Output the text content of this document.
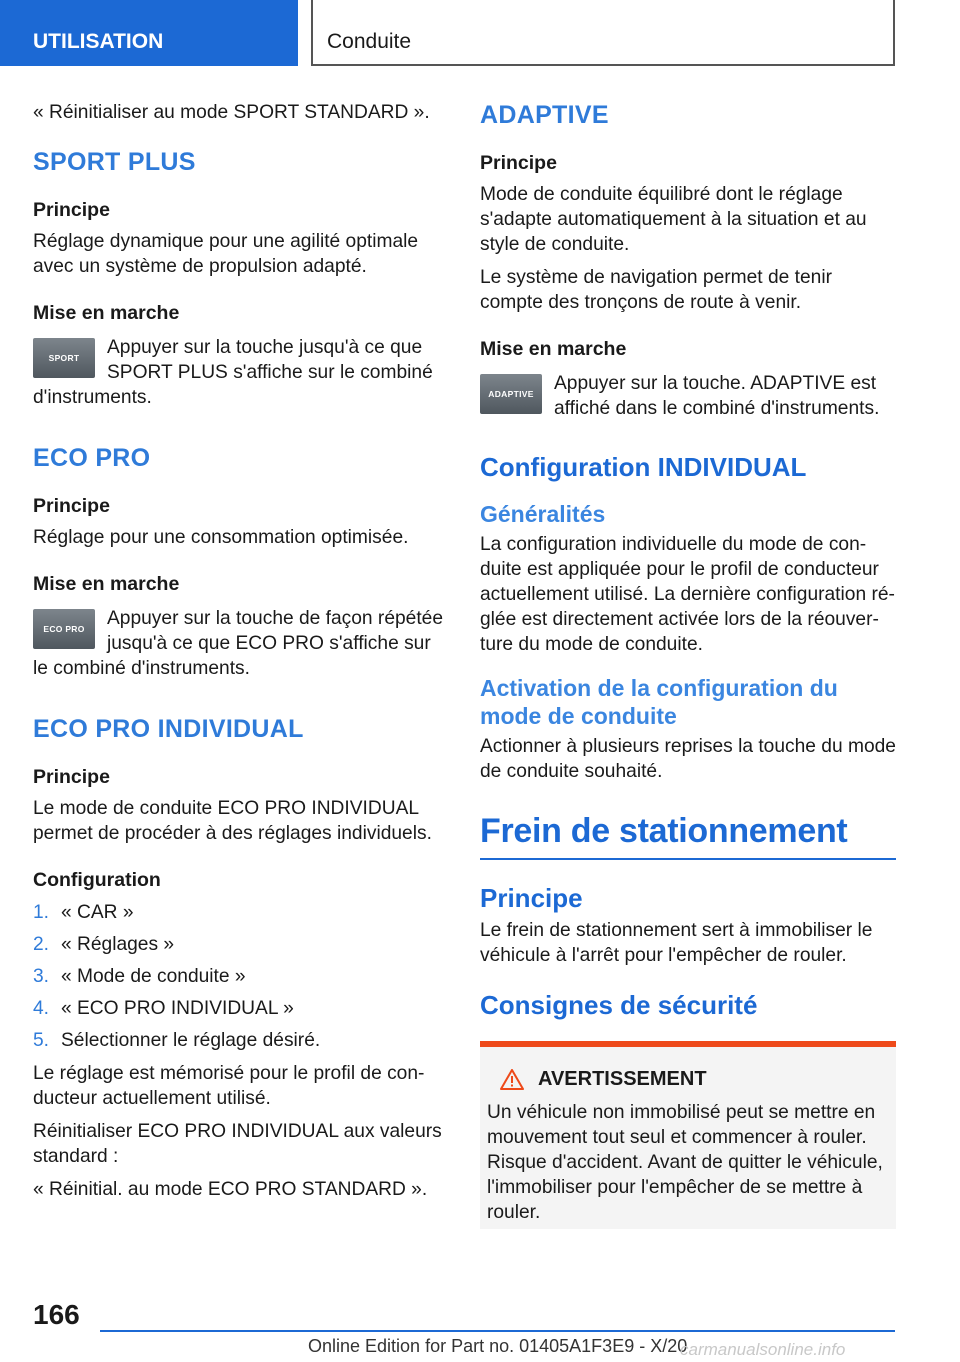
UTILISATION	Conduite

« Réinitialiser au mode SPORT STANDARD ».

SPORT PLUS
Principe

Réglage dynamique pour une agilité optimale avec un système de propulsion adapté.

Mise en marche
SPORT	Appuyer sur la touche jusqu'à ce que SPORT PLUS s'affiche sur le combiné d'instruments.
ECO PRO
Principe

Réglage pour une consommation optimisée.

Mise en marche
ECO PRO	Appuyer sur la touche de façon répétée jusqu'à ce que ECO PRO s'affiche sur le combiné d'instruments.
ECO PRO INDIVIDUAL
Principe

Le mode de conduite ECO PRO INDIVIDUAL permet de procéder à des réglages individuels.

Configuration
1. « CAR »
2. « Réglages »
3. « Mode de conduite »
4. « ECO PRO INDIVIDUAL »
5. Sélectionner le réglage désiré.

Le réglage est mémorisé pour le profil de con-ducteur actuellement utilisé.

Réinitialiser ECO PRO INDIVIDUAL aux valeurs standard :

« Réinitial. au mode ECO PRO STANDARD ».

ADAPTIVE
Principe

Mode de conduite équilibré dont le réglage s'adapte automatiquement à la situation et au style de conduite.

Le système de navigation permet de tenir compte des tronçons de route à venir.

Mise en marche
ADAPTIVE	Appuyer sur la touche. ADAPTIVE est affiché dans le combiné d'instruments.
Configuration INDIVIDUAL
Généralités

La configuration individuelle du mode de con-duite est appliquée pour le profil de conducteur actuellement utilisé. La dernière configuration ré-glée est directement activée lors de la réouver-ture du mode de conduite.

Activation de la configuration du mode de conduite

Actionner à plusieurs reprises la touche du mode de conduite souhaité.

Frein de stationnement
Principe

Le frein de stationnement sert à immobiliser le véhicule à l'arrêt pour l'empêcher de rouler.

Consignes de sécurité
AVERTISSEMENT

Un véhicule non immobilisé peut se mettre en mouvement tout seul et commencer à rouler. Risque d'accident. Avant de quitter le véhicule, l'immobiliser pour l'empêcher de se mettre à rouler.

166
Online Edition for Part no. 01405A1F3E9 - X/20
carmanualsonline.info
